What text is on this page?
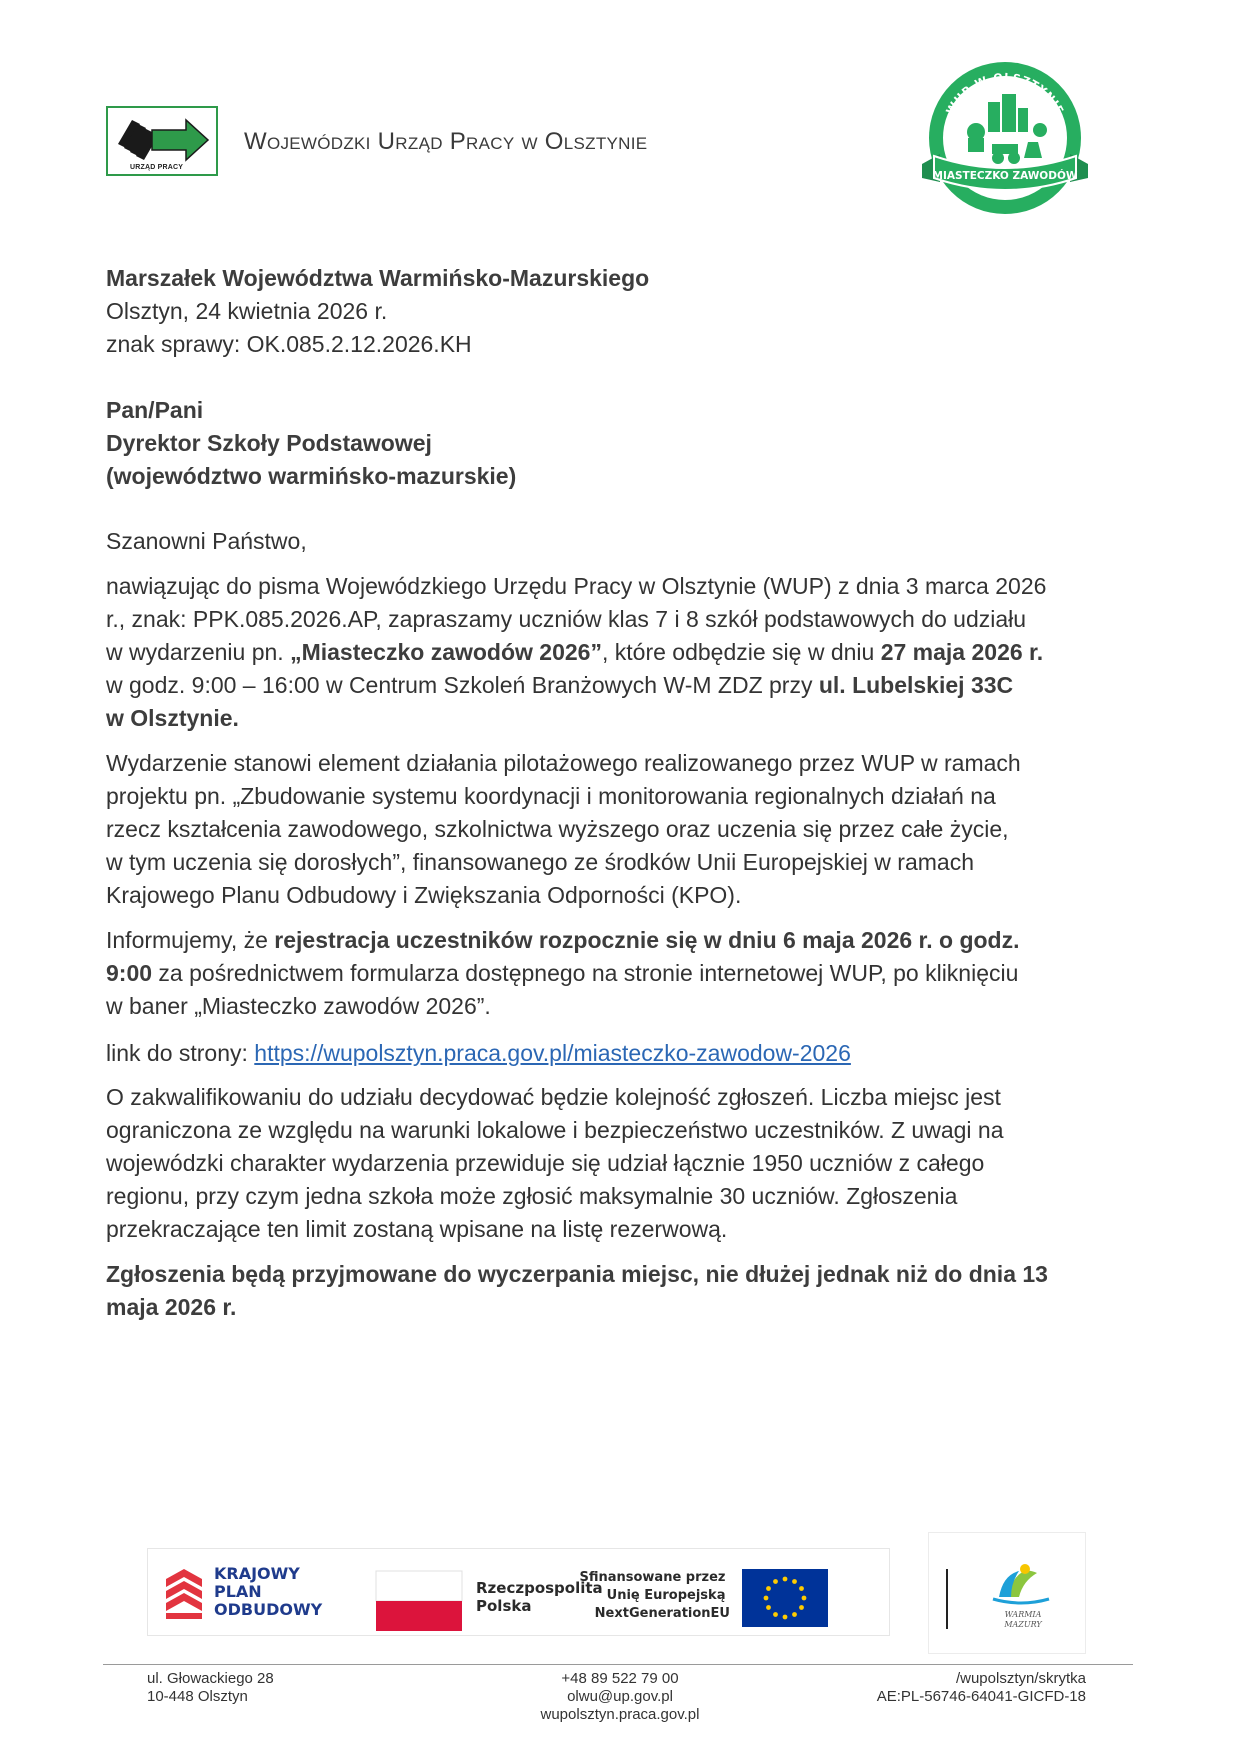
URZĄD PRACY
Wojewódzki Urząd Pracy w Olsztynie
WUP W OLSZTYNIE
MIASTECZKO ZAWODÓW
Marszałek Województwa Warmińsko-Mazurskiego
Olsztyn, 24 kwietnia 2026 r.
znak sprawy: OK.085.2.12.2026.KH
Pan/Pani
Dyrektor Szkoły Podstawowej
(województwo warmińsko-mazurskie)
Szanowni Państwo,
nawiązując do pisma Wojewódzkiego Urzędu Pracy w Olsztynie (WUP) z dnia 3 marca 2026
r., znak: PPK.085.2026.AP, zapraszamy uczniów klas 7 i 8 szkół podstawowych do udziału
w wydarzeniu pn. „Miasteczko zawodów 2026”, które odbędzie się w dniu 27 maja 2026 r.
w godz. 9:00 – 16:00 w Centrum Szkoleń Branżowych W-M ZDZ przy ul. Lubelskiej 33C
w Olsztynie.
Wydarzenie stanowi element działania pilotażowego realizowanego przez WUP w ramach
projektu pn. „Zbudowanie systemu koordynacji i monitorowania regionalnych działań na
rzecz kształcenia zawodowego, szkolnictwa wyższego oraz uczenia się przez całe życie,
w tym uczenia się dorosłych”, finansowanego ze środków Unii Europejskiej w ramach
Krajowego Planu Odbudowy i Zwiększania Odporności (KPO).
Informujemy, że rejestracja uczestników rozpocznie się w dniu 6 maja 2026 r. o godz.
9:00 za pośrednictwem formularza dostępnego na stronie internetowej WUP, po kliknięciu
w baner „Miasteczko zawodów 2026”.
link do strony: https://wupolsztyn.praca.gov.pl/miasteczko-zawodow-2026
O zakwalifikowaniu do udziału decydować będzie kolejność zgłoszeń. Liczba miejsc jest
ograniczona ze względu na warunki lokalowe i bezpieczeństwo uczestników. Z uwagi na
wojewódzki charakter wydarzenia przewiduje się udział łącznie 1950 uczniów z całego
regionu, przy czym jedna szkoła może zgłosić maksymalnie 30 uczniów. Zgłoszenia
przekraczające ten limit zostaną wpisane na listę rezerwową.
Zgłoszenia będą przyjmowane do wyczerpania miejsc, nie dłużej jednak niż do dnia 13
maja 2026 r.
KRAJOWY PLAN ODBUDOWY
Rzeczpospolita Polska
Sfinansowane przez Unię Europejską NextGenerationEU	WARMIA
MAZURY
ul. Głowackiego 28
10-448 Olsztyn
+48 89 522 79 00
olwu@up.gov.pl
wupolsztyn.praca.gov.pl
/wupolsztyn/skrytka
AE:PL-56746-64041-GICFD-18
